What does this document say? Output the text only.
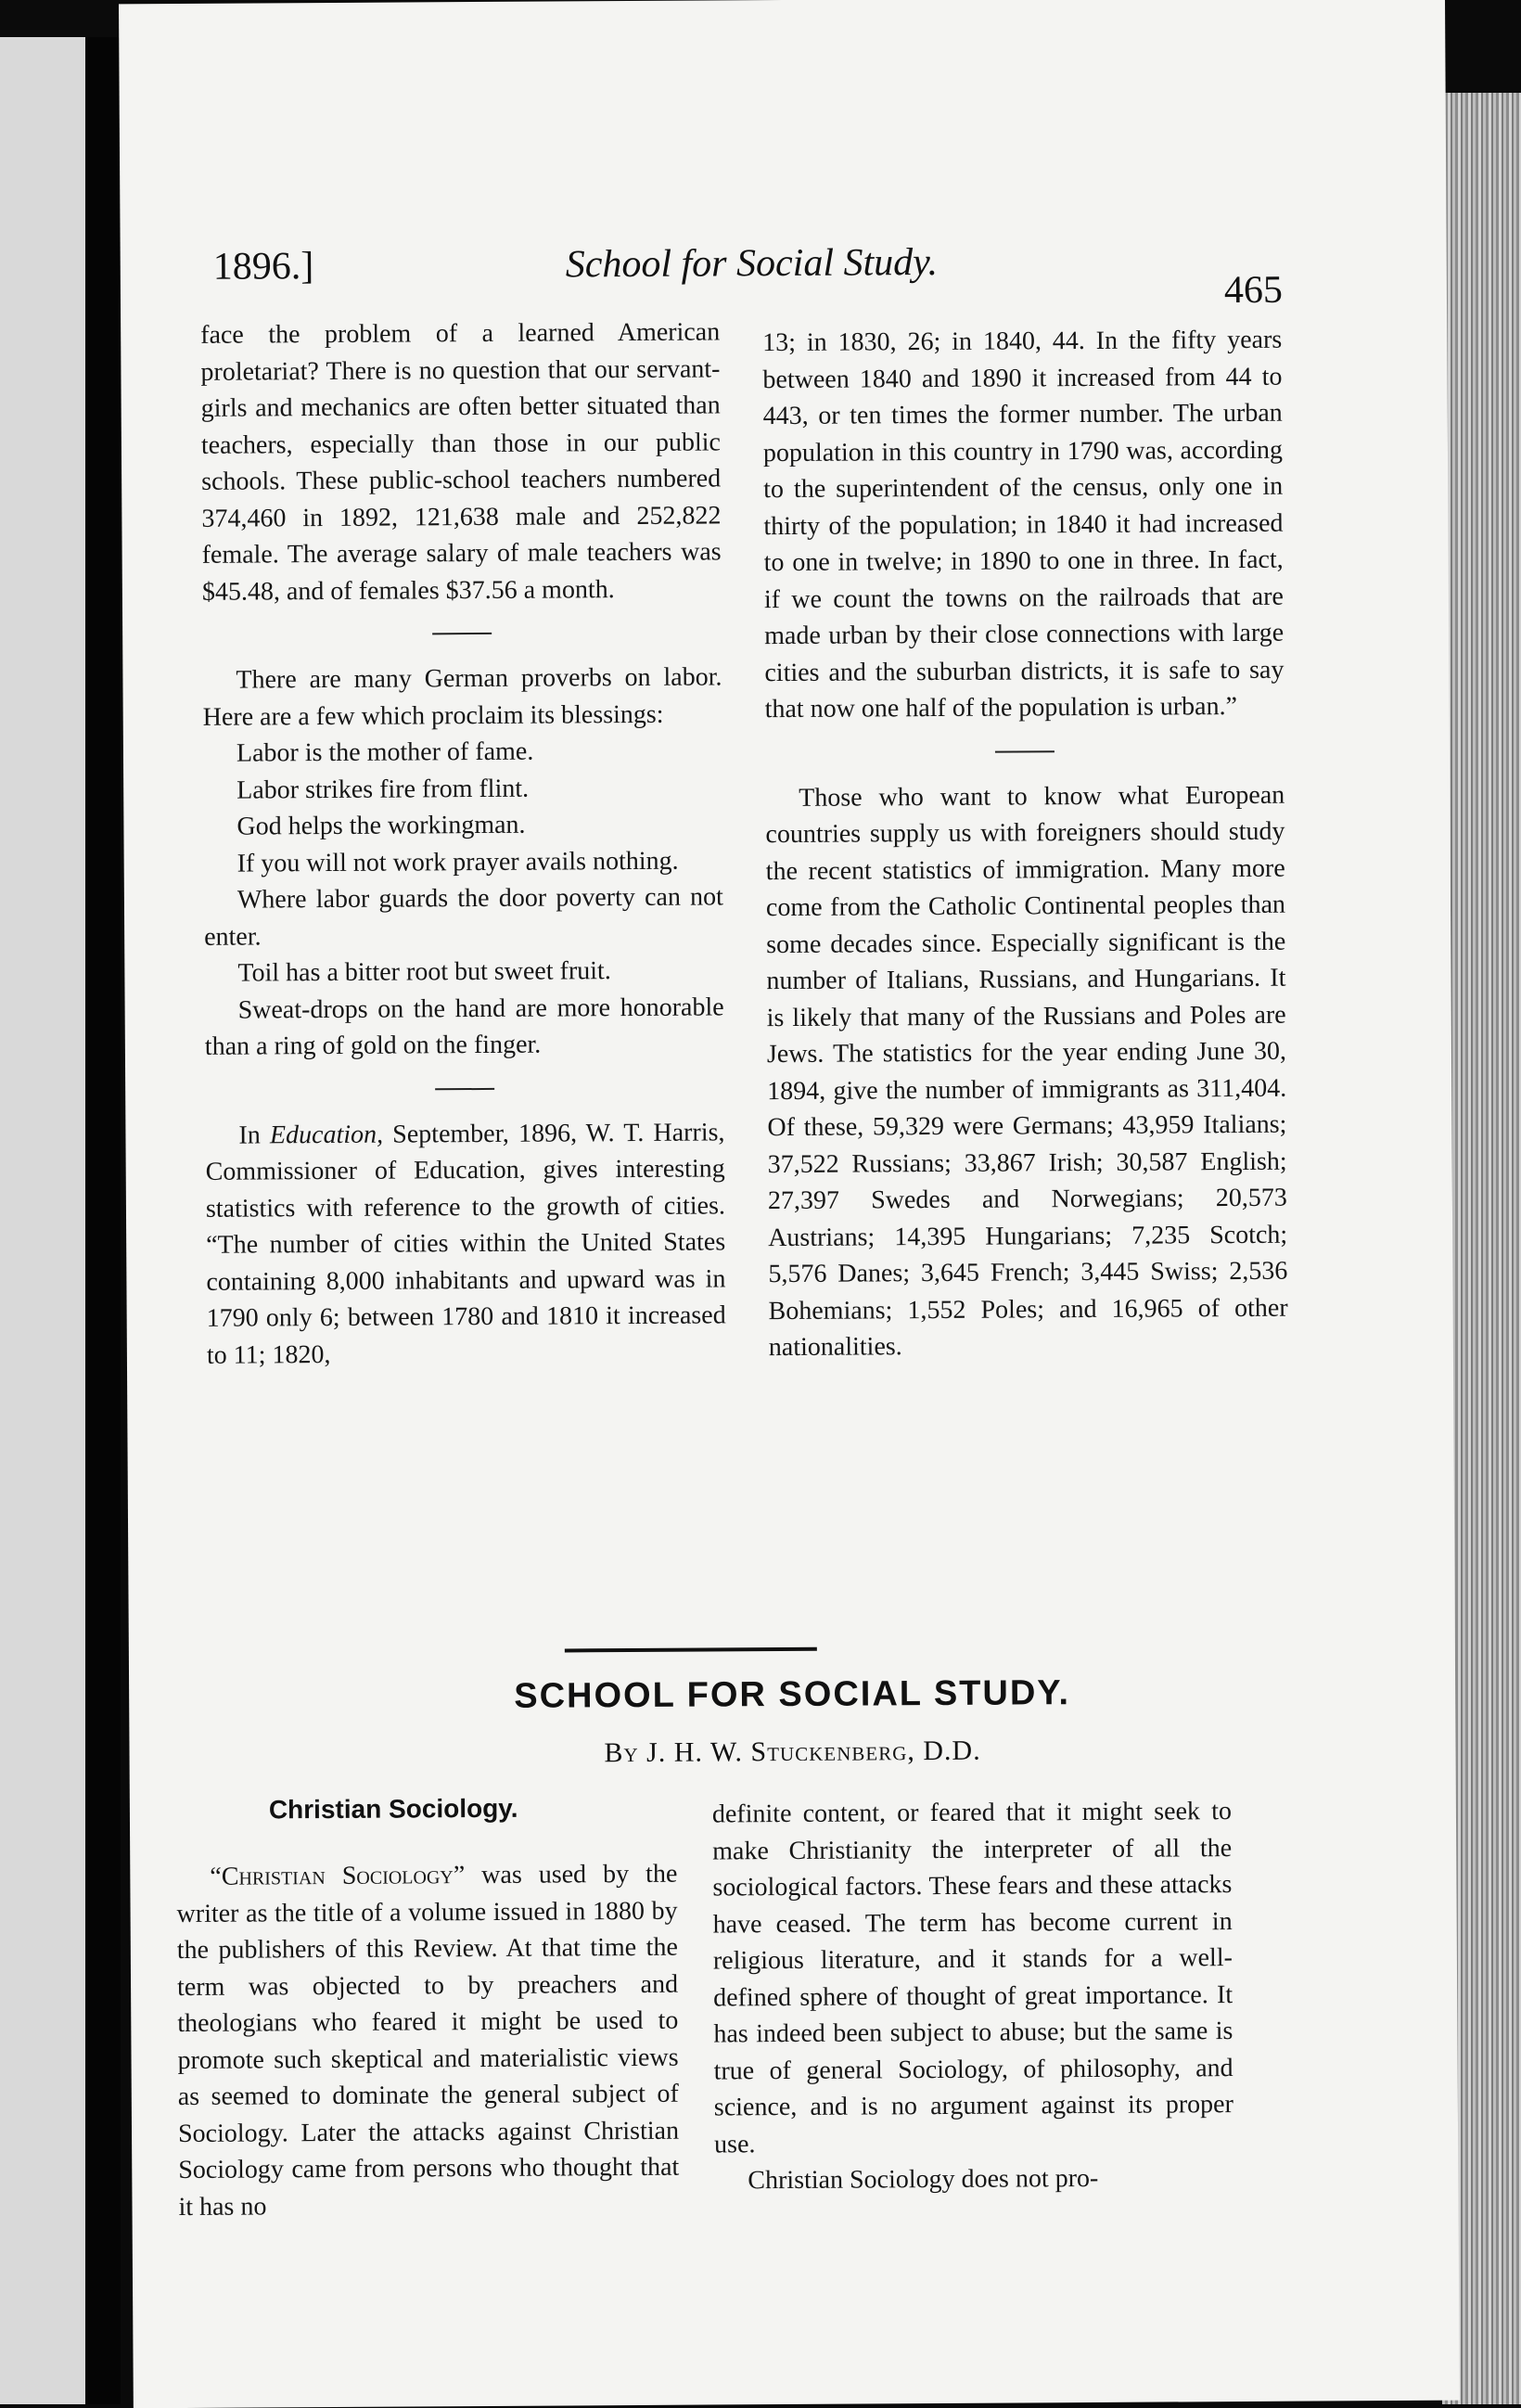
1896.]	School for Social Study.
465

face the problem of a learned American proletariat? There is no question that our servant-girls and mechanics are often better situated than teachers, especially than those in our public schools. These public-school teachers numbered 374,460 in 1892, 121,638 male and 252,822 female. The average salary of male teachers was $45.48, and of females $37.56 a month.

There are many German proverbs on labor. Here are a few which proclaim its blessings:

Labor is the mother of fame.

Labor strikes fire from flint.

God helps the workingman.

If you will not work prayer avails nothing.

Where labor guards the door poverty can not enter.

Toil has a bitter root but sweet fruit.

Sweat-drops on the hand are more honorable than a ring of gold on the finger.

In Education, September, 1896, W. T. Harris, Commissioner of Education, gives interesting statistics with reference to the growth of cities. “The number of cities within the United States containing 8,000 inhabitants and upward was in 1790 only 6; between 1780 and 1810 it increased to 11; 1820,

13; in 1830, 26; in 1840, 44. In the fifty years between 1840 and 1890 it increased from 44 to 443, or ten times the former number. The urban population in this country in 1790 was, according to the superintendent of the census, only one in thirty of the population; in 1840 it had increased to one in twelve; in 1890 to one in three. In fact, if we count the towns on the railroads that are made urban by their close connections with large cities and the suburban districts, it is safe to say that now one half of the population is urban.”

Those who want to know what European countries supply us with foreigners should study the recent statistics of immigration. Many more come from the Catholic Continental peoples than some decades since. Especially significant is the number of Italians, Russians, and Hungarians. It is likely that many of the Russians and Poles are Jews. The statistics for the year ending June 30, 1894, give the number of immigrants as 311,404. Of these, 59,329 were Germans; 43,959 Italians; 37,522 Russians; 33,867 Irish; 30,587 English; 27,397 Swedes and Norwegians; 20,573 Austrians; 14,395 Hungarians; 7,235 Scotch; 5,576 Danes; 3,645 French; 3,445 Swiss; 2,536 Bohemians; 1,552 Poles; and 16,965 of other nationalities.

SCHOOL FOR SOCIAL STUDY.
By J. H. W. Stuckenberg, D.D.
Christian Sociology.

“Christian Sociology” was used by the writer as the title of a volume issued in 1880 by the publishers of this Review. At that time the term was objected to by preachers and theologians who feared it might be used to promote such skeptical and materialistic views as seemed to dominate the general subject of Sociology. Later the attacks against Christian Sociology came from persons who thought that it has no

definite content, or feared that it might seek to make Christianity the interpreter of all the sociological factors. These fears and these attacks have ceased. The term has become current in religious literature, and it stands for a well-defined sphere of thought of great importance. It has indeed been subject to abuse; but the same is true of general Sociology, of philosophy, and science, and is no argument against its proper use.

Christian Sociology does not pro-
